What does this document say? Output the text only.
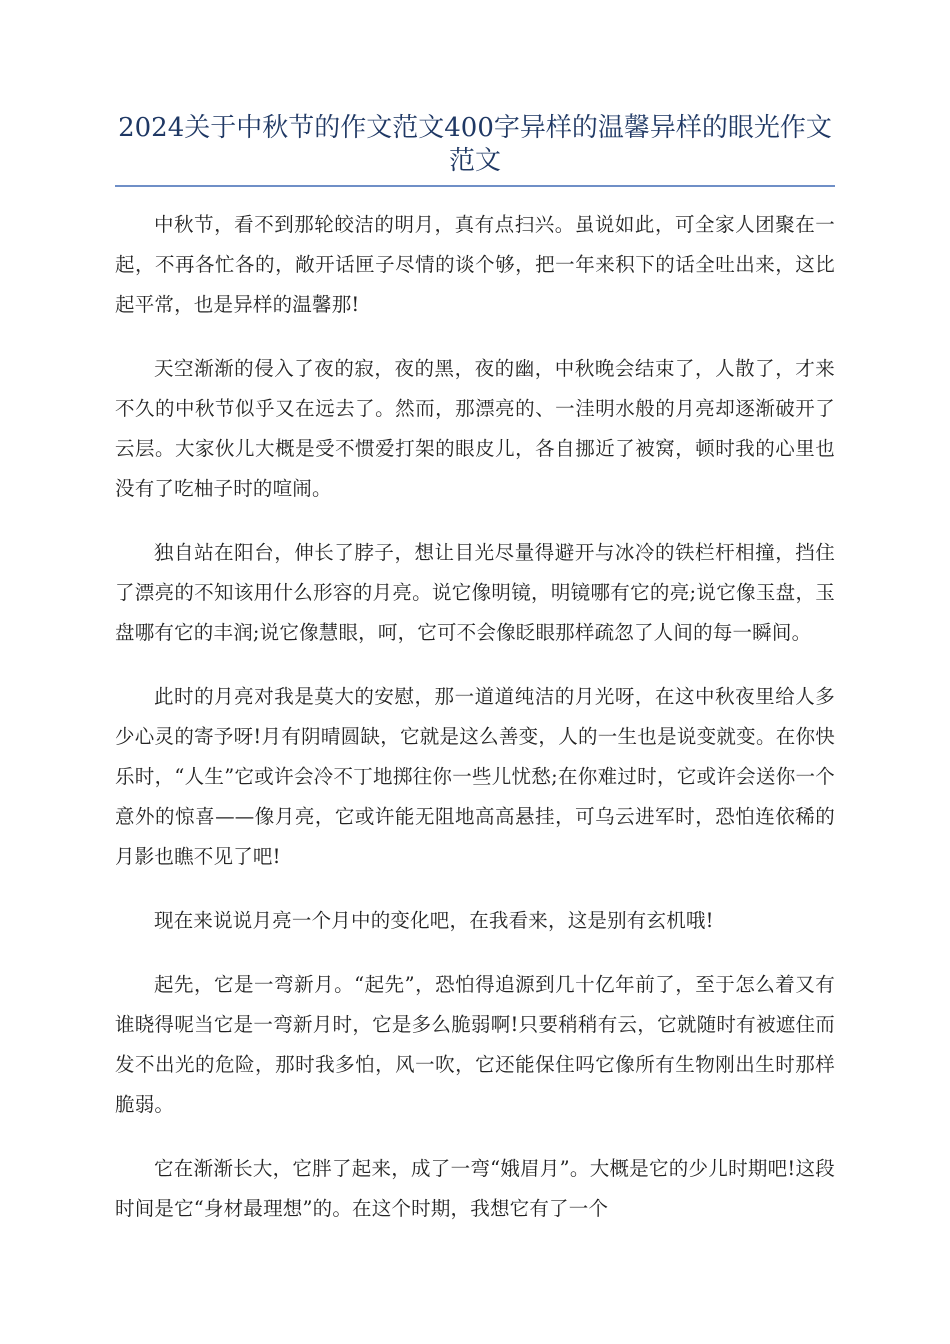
2024关于中秋节的作文范文400字异样的温馨异样的眼光作文范文

中秋节，看不到那轮皎洁的明月，真有点扫兴。虽说如此，可全家人团聚在一起，不再各忙各的，敞开话匣子尽情的谈个够，把一年来积下的话全吐出来，这比起平常，也是异样的温馨那!

天空渐渐的侵入了夜的寂，夜的黑，夜的幽，中秋晚会结束了，人散了，才来不久的中秋节似乎又在远去了。然而，那漂亮的、一洼明水般的月亮却逐渐破开了云层。大家伙儿大概是受不惯爱打架的眼皮儿，各自挪近了被窝，顿时我的心里也没有了吃柚子时的喧闹。

独自站在阳台，伸长了脖子，想让目光尽量得避开与冰冷的铁栏杆相撞，挡住了漂亮的不知该用什么形容的月亮。说它像明镜，明镜哪有它的亮;说它像玉盘，玉盘哪有它的丰润;说它像慧眼，呵，它可不会像眨眼那样疏忽了人间的每一瞬间。

此时的月亮对我是莫大的安慰，那一道道纯洁的月光呀，在这中秋夜里给人多少心灵的寄予呀!月有阴晴圆缺，它就是这么善变，人的一生也是说变就变。在你快乐时，“人生”它或许会冷不丁地掷往你一些儿忧愁;在你难过时，它或许会送你一个意外的惊喜——像月亮，它或许能无阻地高高悬挂，可乌云进军时，恐怕连依稀的月影也瞧不见了吧!

现在来说说月亮一个月中的变化吧，在我看来，这是别有玄机哦!

起先，它是一弯新月。“起先”，恐怕得追源到几十亿年前了，至于怎么着又有谁晓得呢当它是一弯新月时，它是多么脆弱啊!只要稍稍有云，它就随时有被遮住而发不出光的危险，那时我多怕，风一吹，它还能保住吗它像所有生物刚出生时那样脆弱。

它在渐渐长大，它胖了起来，成了一弯“娥眉月”。大概是它的少儿时期吧!这段时间是它“身材最理想”的。在这个时期，我想它有了一个
